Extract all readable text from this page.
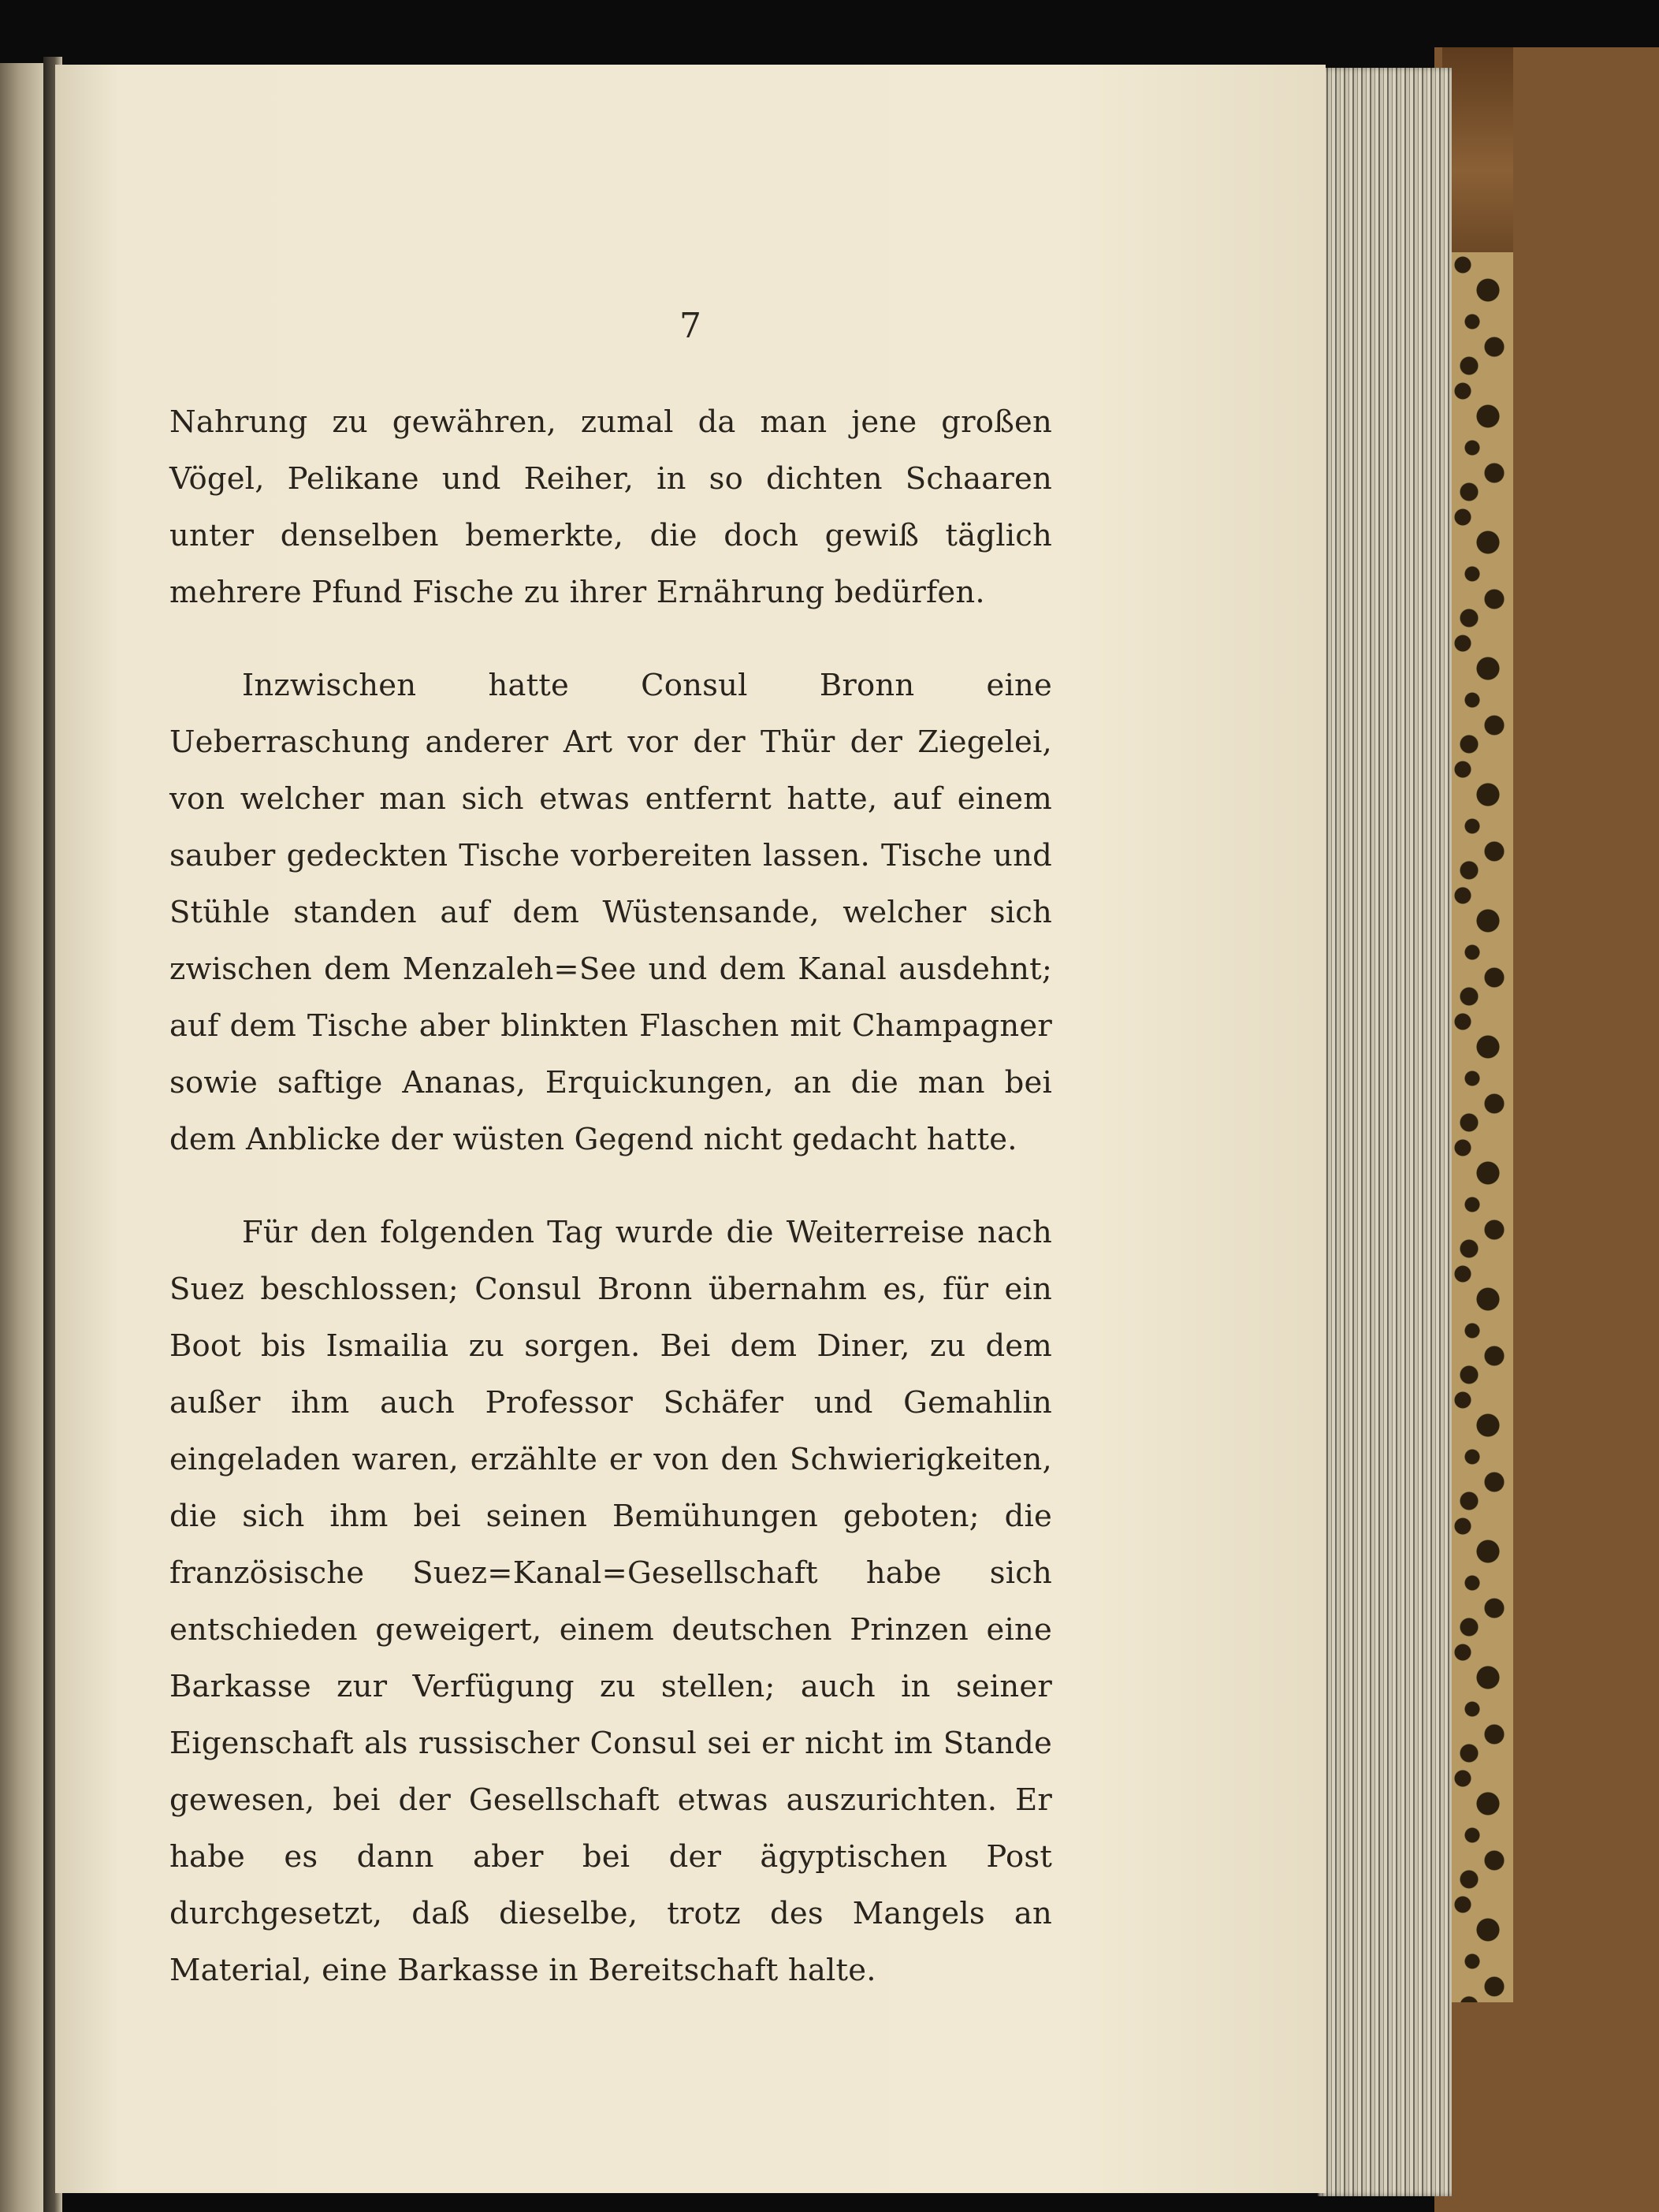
7

Nahrung zu gewähren, zumal da man jene großen Vögel, Pelikane und Reiher, in so dichten Schaaren unter denselben bemerkte, die doch gewiß täglich mehrere Pfund Fische zu ihrer Ernährung bedürfen.

Inzwischen hatte Consul Bronn eine Ueberraschung anderer Art vor der Thür der Ziegelei, von welcher man sich etwas entfernt hatte, auf einem sauber gedeckten Tische vorbereiten lassen. Tische und Stühle standen auf dem Wüstensande, welcher sich zwischen dem Menzaleh=See und dem Kanal ausdehnt; auf dem Tische aber blinkten Flaschen mit Champagner sowie saftige Ananas, Erquickungen, an die man bei dem Anblicke der wüsten Gegend nicht gedacht hatte.

Für den folgenden Tag wurde die Weiterreise nach Suez beschlossen; Consul Bronn übernahm es, für ein Boot bis Ismailia zu sorgen. Bei dem Diner, zu dem außer ihm auch Professor Schäfer und Gemahlin eingeladen waren, erzählte er von den Schwierigkeiten, die sich ihm bei seinen Bemühungen geboten; die französische Suez=Kanal=Gesellschaft habe sich entschieden geweigert, einem deutschen Prinzen eine Barkasse zur Verfügung zu stellen; auch in seiner Eigenschaft als russischer Consul sei er nicht im Stande gewesen, bei der Gesellschaft etwas auszurichten. Er habe es dann aber bei der ägyptischen Post durchgesetzt, daß dieselbe, trotz des Mangels an Material, eine Barkasse in Bereitschaft halte.
